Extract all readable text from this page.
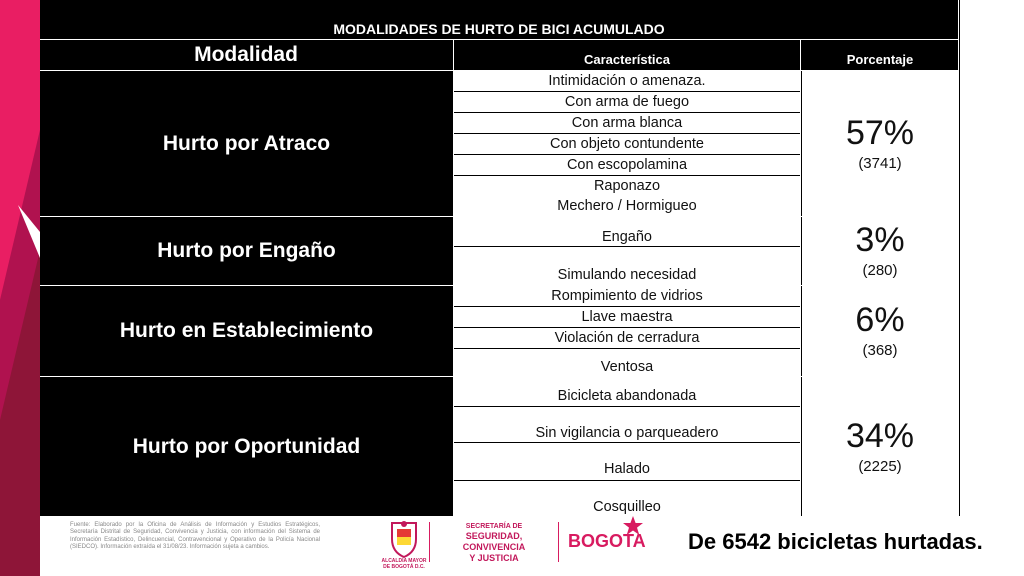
MODALIDADES DE HURTO DE BICI ACUMULADO
Modalidad	Característica	Porcentaje
Hurto por Atraco
Intimidación o amenaza.
Con arma de fuego
Con arma blanca
Con objeto contundente
Con escopolamina
Raponazo
Mechero / Hormigueo
57%
(3741)
Hurto por Engaño
Engaño
Simulando necesidad
3%
(280)
Hurto en Establecimiento
Rompimiento de vidrios
Llave maestra
Violación de cerradura
Ventosa
6%
(368)
Hurto por Oportunidad
Bicicleta abandonada
Sin vigilancia o parqueadero
Halado
Cosquilleo
34%
(2225)
Fuente: Elaborado por la Oficina de Análisis de Información y Estudios Estratégicos, Secretaría Distrital de Seguridad, Convivencia y Justicia, con información del Sistema de Información Estadístico, Delincuencial, Contravencional y Operativo de la Policía Nacional (SIEDCO). Información extraída el 31/08/23. Información sujeta a cambios.
ALCALDÍA MAYOR DE BOGOTÁ D.C.
SECRETARÍA DE
SEGURIDAD, CONVIVENCIA
Y JUSTICIA
BOGOTA De 6542 bicicletas hurtadas.
